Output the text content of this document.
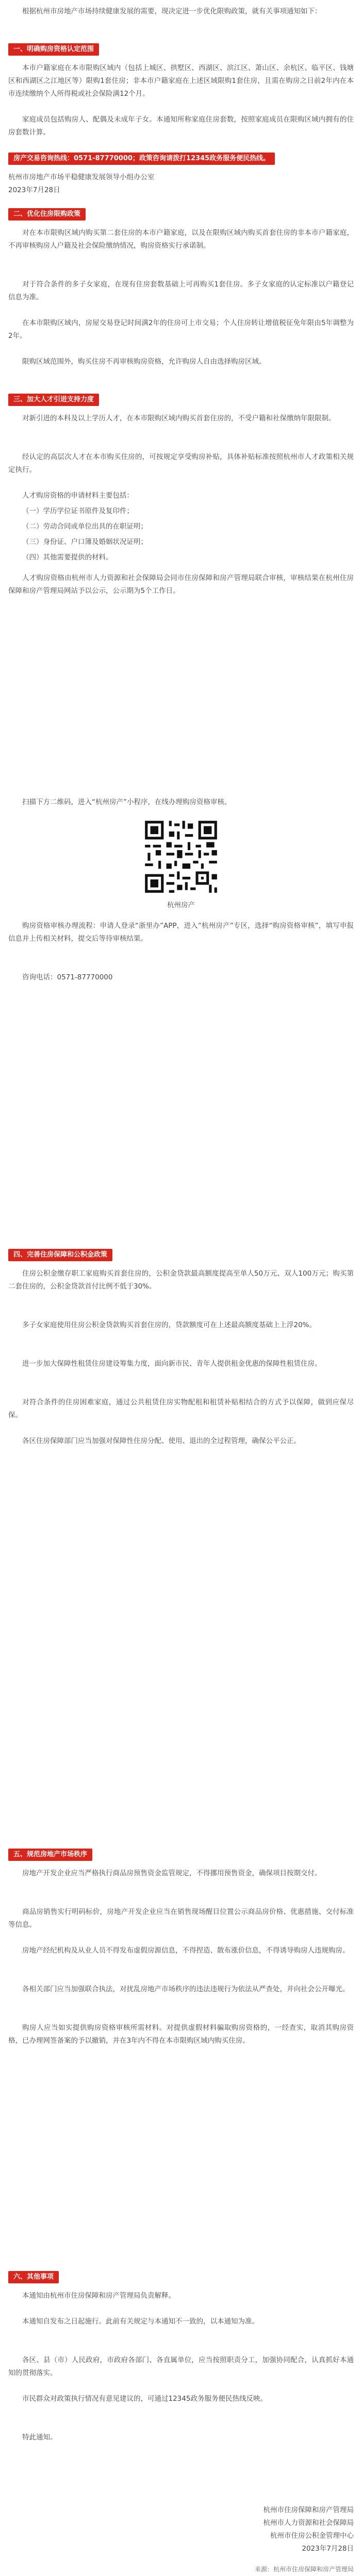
根据杭州市房地产市场持续健康发展的需要，现决定进一步优化限购政策，就有关事项通知如下：

一、明确购房资格认定范围

本市户籍家庭在本市限购区域内（包括上城区、拱墅区、西湖区、滨江区、萧山区、余杭区、临平区、钱塘区和西湖区之江地区等）限购1套住房；非本市户籍家庭在上述区域限购1套住房，且需在购房之日前2年内在本市连续缴纳个人所得税或社会保险满12个月。

家庭成员包括购房人、配偶及未成年子女。本通知所称家庭住房套数，按照家庭成员在限购区域内拥有的住房套数计算。

房产交易咨询热线：0571-87770000；政策咨询请拨打12345政务服务便民热线。

杭州市房地产市场平稳健康发展领导小组办公室

2023年7月28日

二、优化住房限购政策

对在本市限购区域内购买第二套住房的本市户籍家庭，以及在限购区域内购买首套住房的非本市户籍家庭，不再审核购房人户籍及社会保险缴纳情况，购房资格实行承诺制。

对于符合条件的多子女家庭，在现有住房套数基础上可再购买1套住房。多子女家庭的认定标准以户籍登记信息为准。

在本市限购区域内，房屋交易登记时间满2年的住房可上市交易；个人住房转让增值税征免年限由5年调整为2年。

限购区域范围外，购买住房不再审核购房资格，允许购房人自由选择购房区域。

三、加大人才引进支持力度

对新引进的本科及以上学历人才，在本市限购区域内购买首套住房的，不受户籍和社保缴纳年限限制。

经认定的高层次人才在本市购买住房的，可按规定享受购房补贴，具体补贴标准按照杭州市人才政策相关规定执行。

人才购房资格的申请材料主要包括：

（一）学历学位证书原件及复印件；

（二）劳动合同或单位出具的在职证明；

（三）身份证、户口簿及婚姻状况证明；

（四）其他需要提供的材料。

人才购房资格由杭州市人力资源和社会保障局会同市住房保障和房产管理局联合审核，审核结果在杭州住房保障和房产管理局网站予以公示，公示期为5个工作日。

扫描下方二维码，进入“杭州房产”小程序，在线办理购房资格审核。

杭州房产

购房资格审核办理流程：申请人登录“浙里办”APP，进入“杭州房产”专区，选择“购房资格审核”，填写申报信息并上传相关材料，提交后等待审核结果。

咨询电话：0571-87770000

四、完善住房保障和公积金政策

住房公积金缴存职工家庭购买首套住房的，公积金贷款最高额度提高至单人50万元、双人100万元；购买第二套住房的，公积金贷款首付比例不低于30%。

多子女家庭使用住房公积金贷款购买首套住房的，贷款额度可在上述最高额度基础上上浮20%。

进一步加大保障性租赁住房建设筹集力度，面向新市民、青年人提供租金优惠的保障性租赁住房。

对符合条件的住房困难家庭，通过公共租赁住房实物配租和租赁补贴相结合的方式予以保障，做到应保尽保。

各区住房保障部门应当加强对保障性住房分配、使用、退出的全过程管理，确保公平公正。

五、规范房地产市场秩序

房地产开发企业应当严格执行商品房预售资金监管规定，不得挪用预售资金，确保项目按期交付。

商品房销售实行明码标价，房地产开发企业应当在销售现场醒目位置公示商品房价格、优惠措施、交付标准等信息。

房地产经纪机构及从业人员不得发布虚假房源信息，不得捏造、散布涨价信息，不得诱导购房人违规购房。

各相关部门应当加强联合执法，对扰乱房地产市场秩序的违法违规行为依法从严查处，并向社会公开曝光。

购房人应当如实提供购房资格审核所需材料。对提供虚假材料骗取购房资格的，一经查实，取消其购房资格，已办理网签备案的予以撤销，并在3年内不得在本市限购区域内购买住房。

六、其他事项

本通知由杭州市住房保障和房产管理局负责解释。

本通知自发布之日起施行。此前有关规定与本通知不一致的，以本通知为准。

各区、县（市）人民政府，市政府各部门、各直属单位，应当按照职责分工，加强协同配合，认真抓好本通知的贯彻落实。

市民群众对政策执行情况有意见建议的，可通过12345政务服务便民热线反映。

特此通知。

杭州市住房保障和房产管理局

杭州市人力资源和社会保障局

杭州市住房公积金管理中心

2023年7月28日

来源：杭州市住房保障和房产管理局
